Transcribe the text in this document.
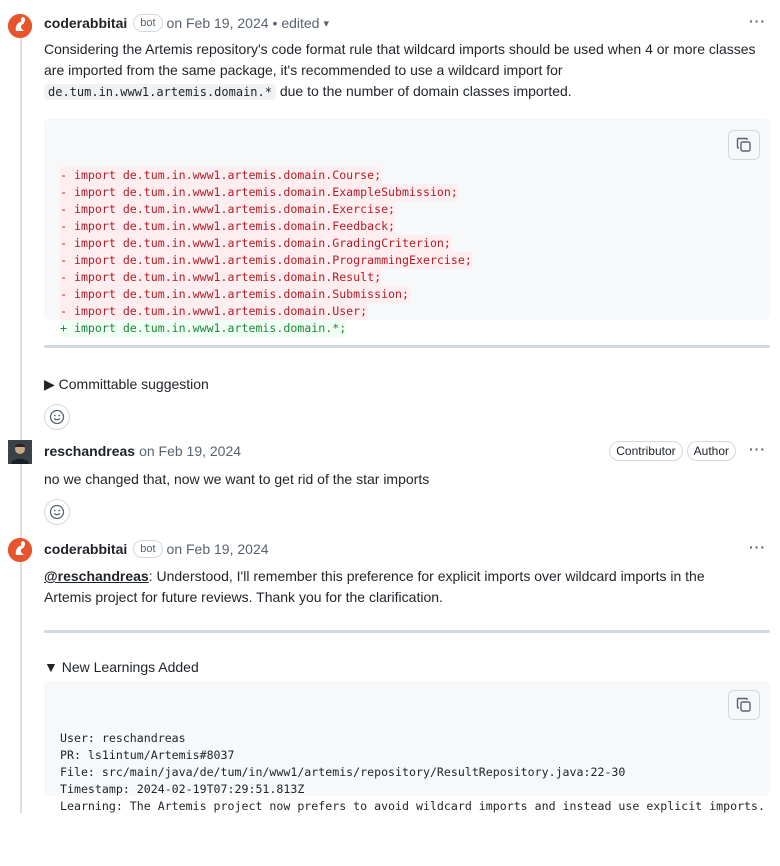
coderabbitai	bot on Feb 19, 2024 • edited ▾	···
Considering the Artemis repository's code format rule that wildcard imports should be used when 4 or more classes are imported from the same package, it's recommended to use a wildcard import for de.tum.in.www1.artemis.domain.* due to the number of domain classes imported.

- import de.tum.in.www1.artemis.domain.Course;
- import de.tum.in.www1.artemis.domain.ExampleSubmission;
- import de.tum.in.www1.artemis.domain.Exercise;
- import de.tum.in.www1.artemis.domain.Feedback;
- import de.tum.in.www1.artemis.domain.GradingCriterion;
- import de.tum.in.www1.artemis.domain.ProgrammingExercise;
- import de.tum.in.www1.artemis.domain.Result;
- import de.tum.in.www1.artemis.domain.Submission;
- import de.tum.in.www1.artemis.domain.User;
+ import de.tum.in.www1.artemis.domain.*;

▶ Committable suggestion
reschandreas on Feb 19, 2024	Contributor	Author	···
no we changed that, now we want to get rid of the star imports
coderabbitai	bot on Feb 19, 2024	···
@reschandreas: Understood, I'll remember this preference for explicit imports over wildcard imports in the
Artemis project for future reviews. Thank you for the clarification.
▼ New Learnings Added

User: reschandreas
PR: ls1intum/Artemis#8037
File: src/main/java/de/tum/in/www1/artemis/repository/ResultRepository.java:22-30
Timestamp: 2024-02-19T07:29:51.813Z
Learning: The Artemis project now prefers to avoid wildcard imports and instead use explicit imports.
